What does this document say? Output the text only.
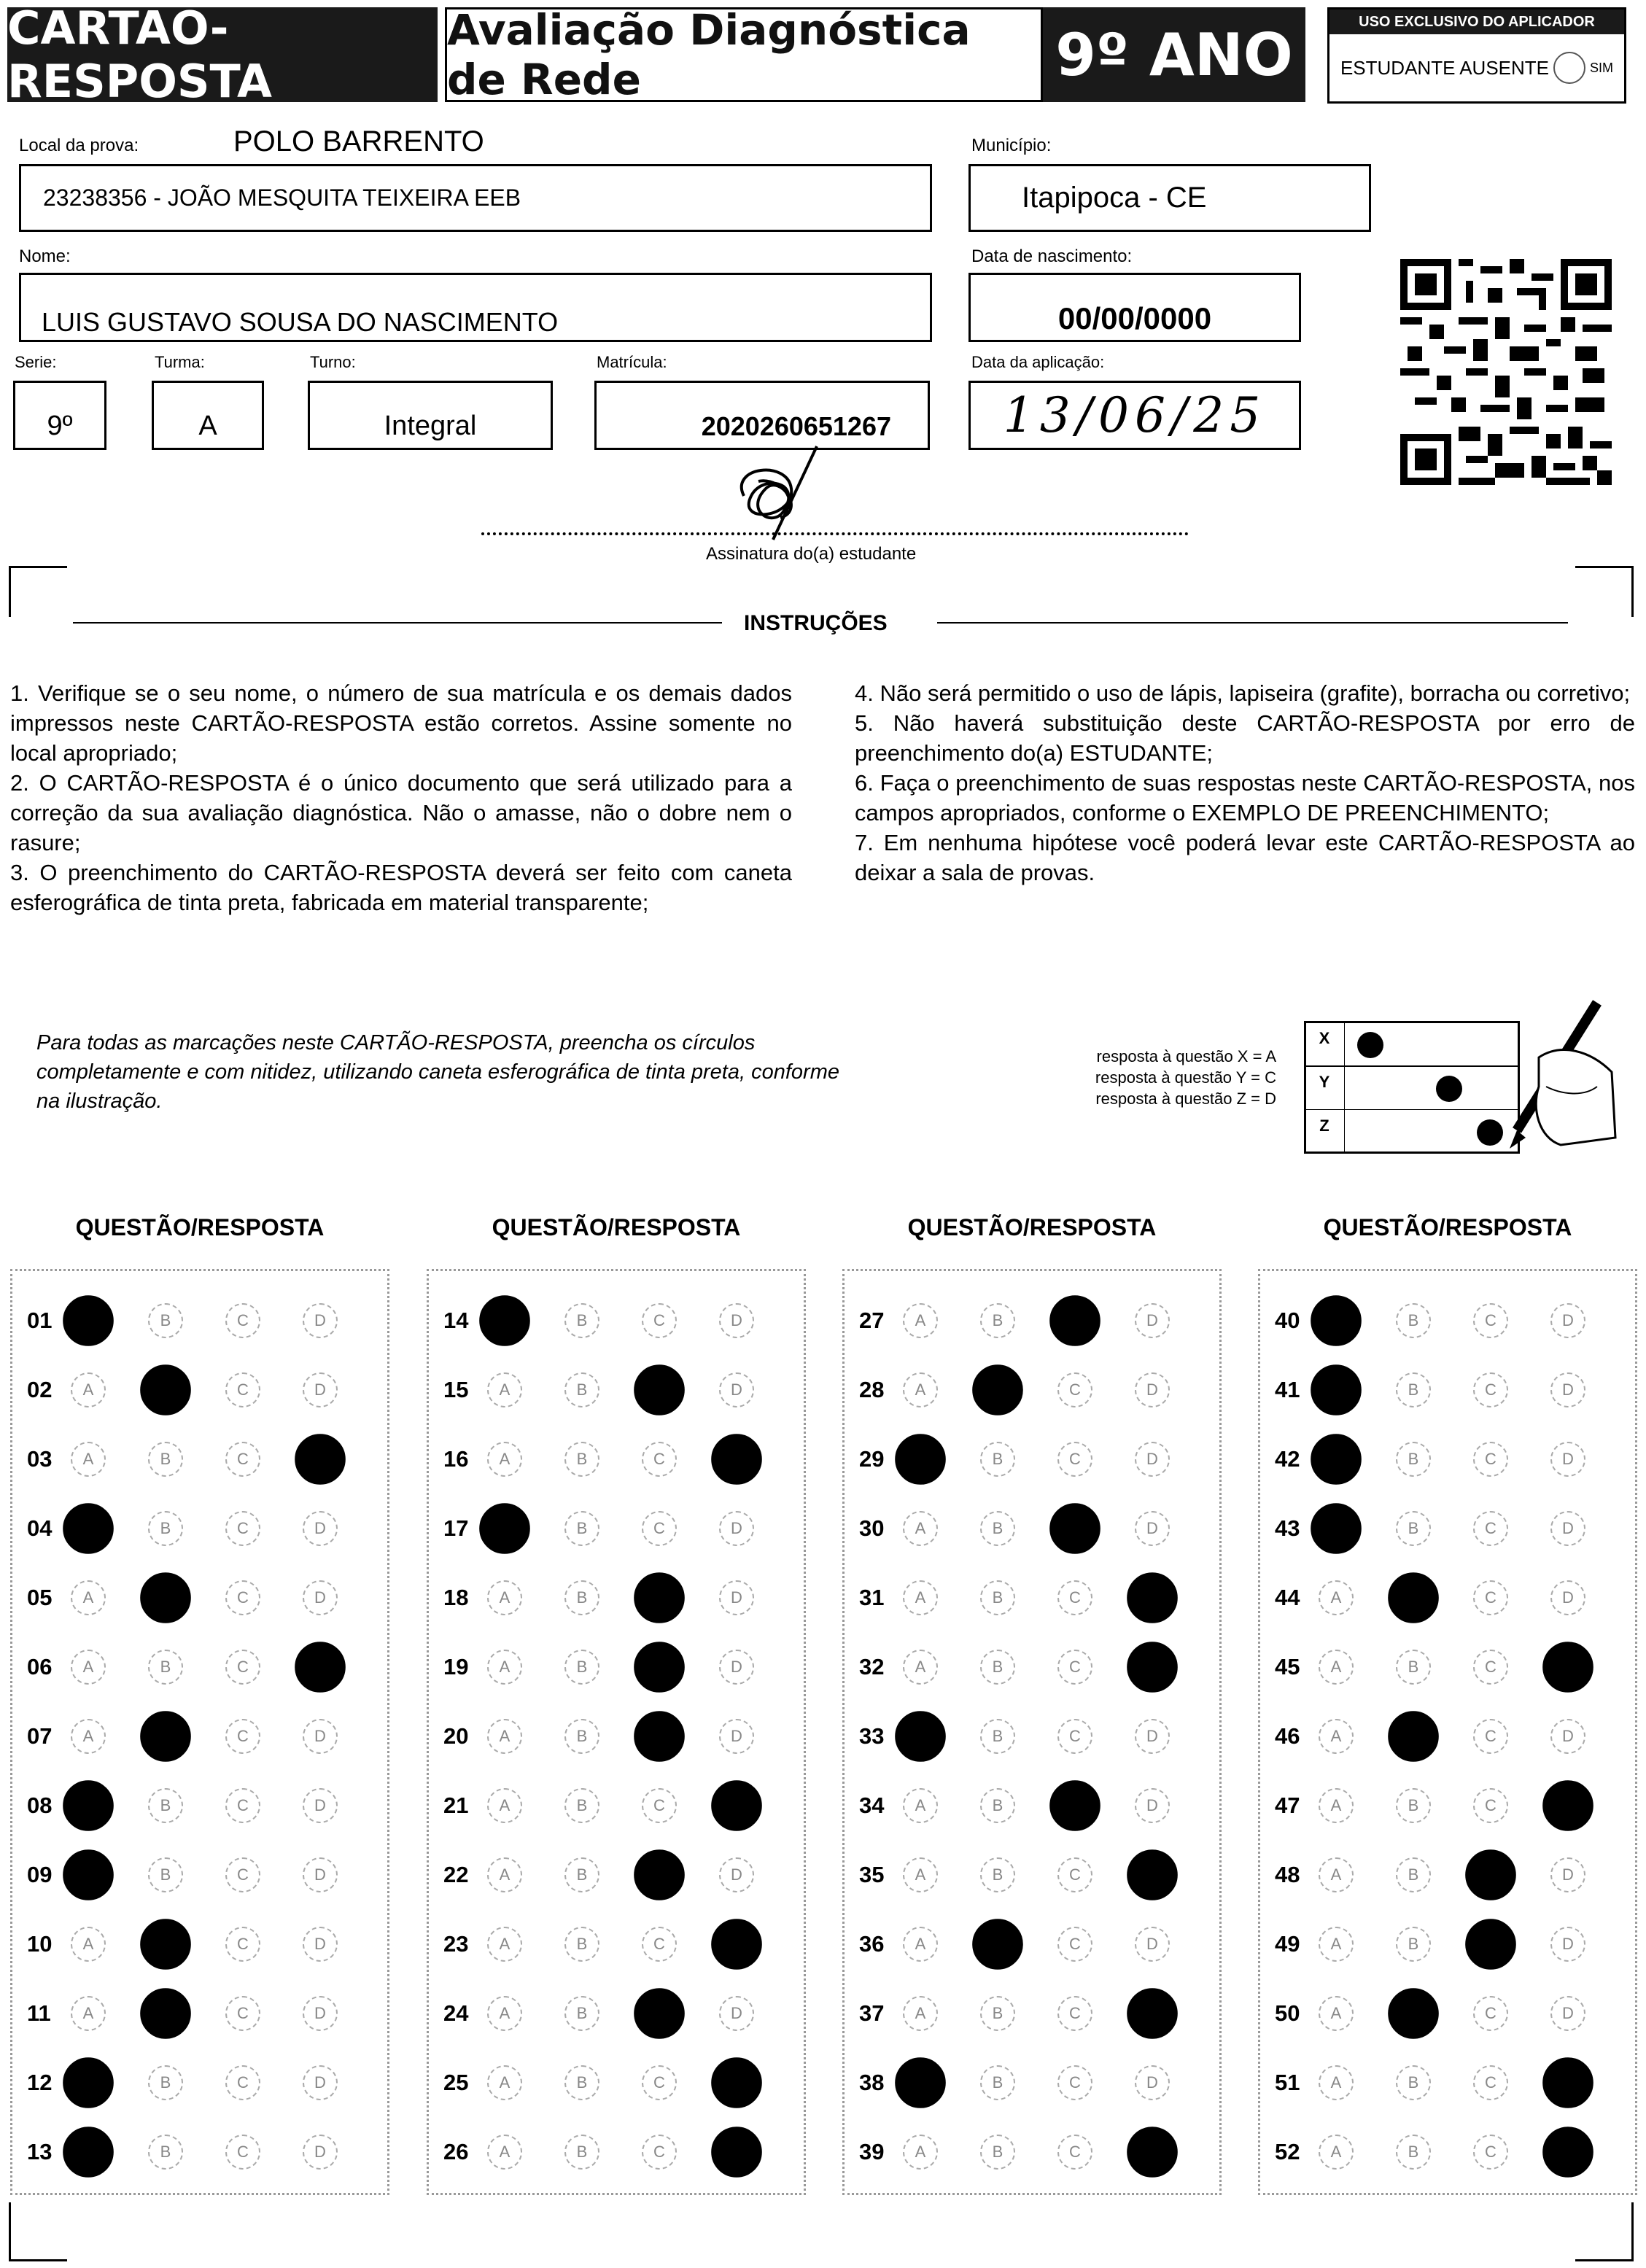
CARTÃO-RESPOSTA
Avaliação Diagnóstica de Rede	9º ANO	USO EXCLUSIVO DO APLICADOR
ESTUDANTE AUSENTE	SIM
Local da prova:	POLO BARRENTO
23238356 - JOÃO MESQUITA TEIXEIRA EEB
Município:
Itapipoca - CE
Nome:
LUIS GUSTAVO SOUSA DO NASCIMENTO
Data de nascimento:
00/00/0000
Serie:
9º
Turma:
A
Turno:
Integral
Matrícula:
2020260651267
Data da aplicação:
13/06/25
Assinatura do(a) estudante
INSTRUÇÕES

1. Verifique se o seu nome, o número de sua matrícula e os demais dados impressos neste CARTÃO-RESPOSTA estão corretos. Assine somente no local apropriado;

2. O CARTÃO-RESPOSTA é o único documento que será utilizado para a correção da sua avaliação diagnóstica. Não o amasse, não o dobre nem o rasure;

3. O preenchimento do CARTÃO-RESPOSTA deverá ser feito com caneta esferográfica de tinta preta, fabricada em material transparente;

4. Não será permitido o uso de lápis, lapiseira (grafite), borracha ou corretivo;

5. Não haverá substituição deste CARTÃO-RESPOSTA por erro de preenchimento do(a) ESTUDANTE;

6. Faça o preenchimento de suas respostas neste CARTÃO-RESPOSTA, nos campos apropriados, conforme o EXEMPLO DE PREENCHIMENTO;

7. Em nenhuma hipótese você poderá levar este CARTÃO-RESPOSTA ao deixar a sala de provas.

Para todas as marcações neste CARTÃO-RESPOSTA, preencha os círculos completamente e com nitidez, utilizando caneta esferográfica de tinta preta, conforme na ilustração.
resposta à questão X = A
resposta à questão Y = C
resposta à questão Z = D
X
Y
Z
QUESTÃO/RESPOSTA
01	A	B	C	D
02	A	B	C	D
03	A	B	C	D
04	A	B	C	D
05	A	B	C	D
06	A	B	C	D
07	A	B	C	D
08	A	B	C	D
09	A	B	C	D
10	A	B	C	D
11	A	B	C	D
12	A	B	C	D
13	A	B	C	D
QUESTÃO/RESPOSTA
14	A	B	C	D
15	A	B	C	D
16	A	B	C	D
17	A	B	C	D
18	A	B	C	D
19	A	B	C	D
20	A	B	C	D
21	A	B	C	D
22	A	B	C	D
23	A	B	C	D
24	A	B	C	D
25	A	B	C	D
26	A	B	C	D
QUESTÃO/RESPOSTA
27	A	B	C	D
28	A	B	C	D
29	A	B	C	D
30	A	B	C	D
31	A	B	C	D
32	A	B	C	D
33	A	B	C	D
34	A	B	C	D
35	A	B	C	D
36	A	B	C	D
37	A	B	C	D
38	A	B	C	D
39	A	B	C	D
QUESTÃO/RESPOSTA
40	A	B	C	D
41	A	B	C	D
42	A	B	C	D
43	A	B	C	D
44	A	B	C	D
45	A	B	C	D
46	A	B	C	D
47	A	B	C	D
48	A	B	C	D
49	A	B	C	D
50	A	B	C	D
51	A	B	C	D
52	A	B	C	D
